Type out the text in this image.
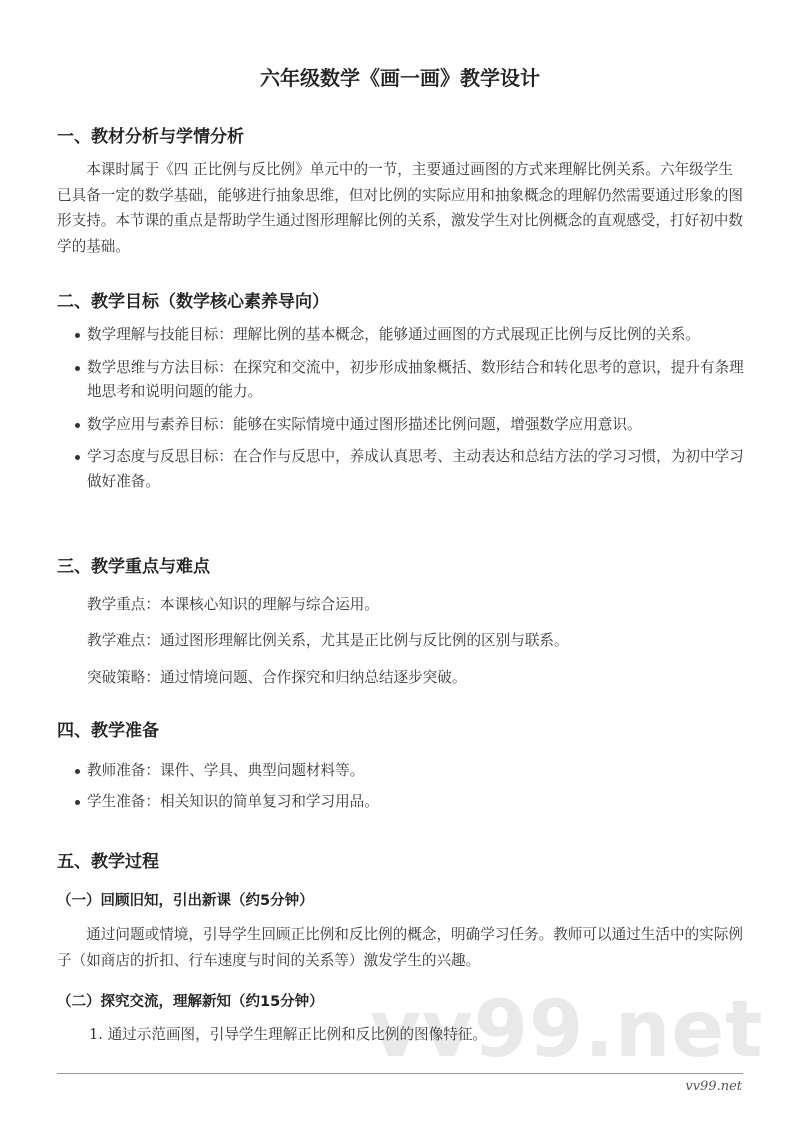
vv99.net
六年级数学《画一画》教学设计
一、教材分析与学情分析

本课时属于《四 正比例与反比例》单元中的一节，主要通过画图的方式来理解比例关系。六年级学生已具备一定的数学基础，能够进行抽象思维，但对比例的实际应用和抽象概念的理解仍然需要通过形象的图形支持。本节课的重点是帮助学生通过图形理解比例的关系，激发学生对比例概念的直观感受，打好初中数学的基础。

二、教学目标（数学核心素养导向）
数学理解与技能目标：理解比例的基本概念，能够通过画图的方式展现正比例与反比例的关系。
数学思维与方法目标：在探究和交流中，初步形成抽象概括、数形结合和转化思考的意识，提升有条理地思考和说明问题的能力。
数学应用与素养目标：能够在实际情境中通过图形描述比例问题，增强数学应用意识。
学习态度与反思目标：在合作与反思中，养成认真思考、主动表达和总结方法的学习习惯，为初中学习做好准备。
三、教学重点与难点

教学重点：本课核心知识的理解与综合运用。

教学难点：通过图形理解比例关系，尤其是正比例与反比例的区别与联系。

突破策略：通过情境问题、合作探究和归纳总结逐步突破。

四、教学准备
教师准备：课件、学具、典型问题材料等。
学生准备：相关知识的简单复习和学习用品。
五、教学过程
（一）回顾旧知，引出新课（约5分钟）

通过问题或情境，引导学生回顾正比例和反比例的概念，明确学习任务。教师可以通过生活中的实际例子（如商店的折扣、行车速度与时间的关系等）激发学生的兴趣。

（二）探究交流，理解新知（约15分钟）

1. 通过示范画图，引导学生理解正比例和反比例的图像特征。

vv99.net
